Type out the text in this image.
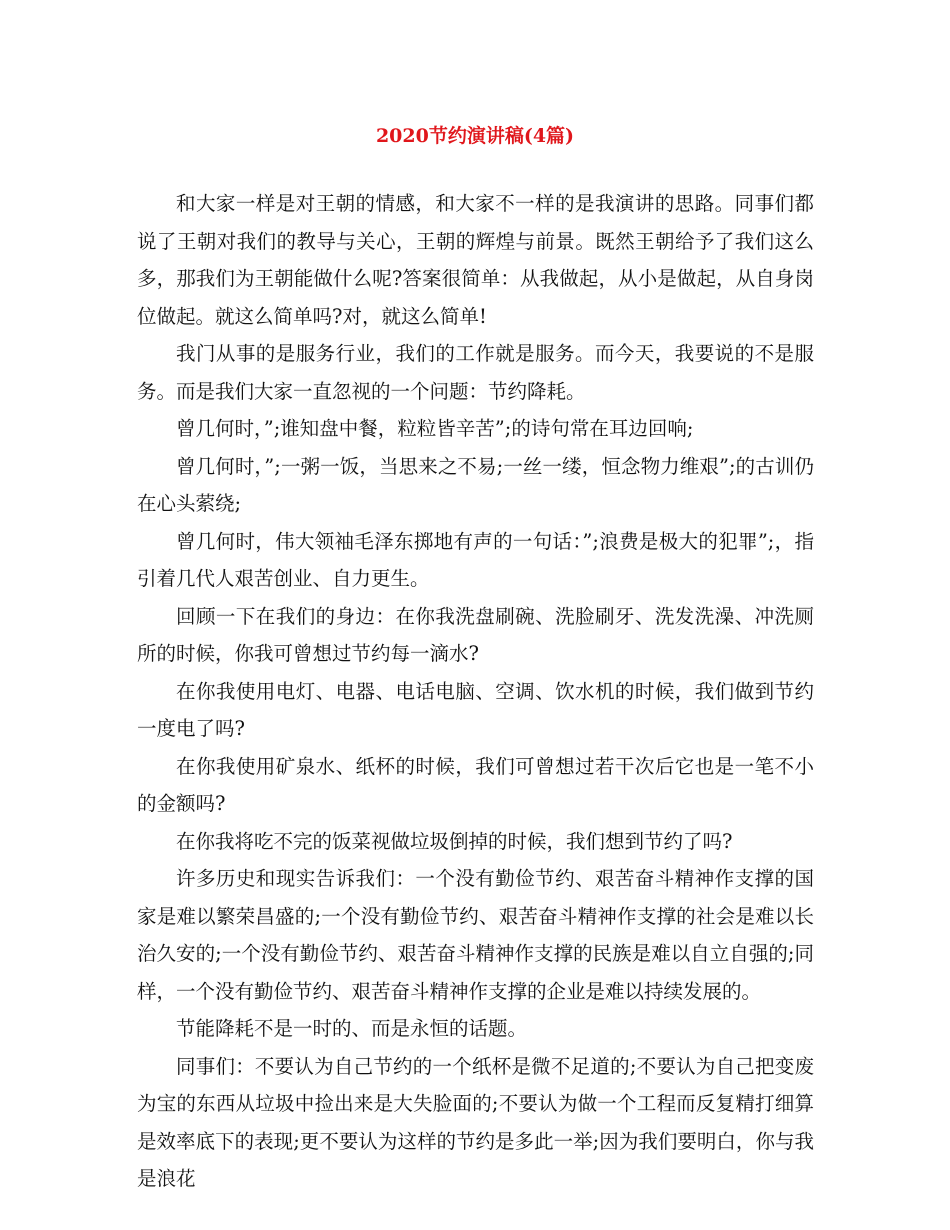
2020节约演讲稿(4篇)

和大家一样是对王朝的情感，和大家不一样的是我演讲的思路。同事们都说了王朝对我们的教导与关心，王朝的辉煌与前景。既然王朝给予了我们这么多，那我们为王朝能做什么呢?答案很简单：从我做起，从小是做起，从自身岗位做起。就这么简单吗?对，就这么简单!

我门从事的是服务行业，我们的工作就是服务。而今天，我要说的不是服务。而是我们大家一直忽视的一个问题：节约降耗。

曾几何时，”;谁知盘中餐，粒粒皆辛苦”;的诗句常在耳边回响;

曾几何时，”;一粥一饭，当思来之不易;一丝一缕，恒念物力维艰”;的古训仍在心头萦绕;

曾几何时，伟大领袖毛泽东掷地有声的一句话：”;浪费是极大的犯罪”;，指引着几代人艰苦创业、自力更生。

回顾一下在我们的身边：在你我洗盘刷碗、洗脸刷牙、洗发洗澡、冲洗厕所的时候，你我可曾想过节约每一滴水?

在你我使用电灯、电器、电话电脑、空调、饮水机的时候，我们做到节约一度电了吗?

在你我使用矿泉水、纸杯的时候，我们可曾想过若干次后它也是一笔不小的金额吗?

在你我将吃不完的饭菜视做垃圾倒掉的时候，我们想到节约了吗?

许多历史和现实告诉我们：一个没有勤俭节约、艰苦奋斗精神作支撑的国家是难以繁荣昌盛的;一个没有勤俭节约、艰苦奋斗精神作支撑的社会是难以长治久安的;一个没有勤俭节约、艰苦奋斗精神作支撑的民族是难以自立自强的;同样，一个没有勤俭节约、艰苦奋斗精神作支撑的企业是难以持续发展的。

节能降耗不是一时的、而是永恒的话题。

同事们：不要认为自己节约的一个纸杯是微不足道的;不要认为自己把变废为宝的东西从垃圾中捡出来是大失脸面的;不要认为做一个工程而反复精打细算是效率底下的表现;更不要认为这样的节约是多此一举;因为我们要明白，你与我是浪花
